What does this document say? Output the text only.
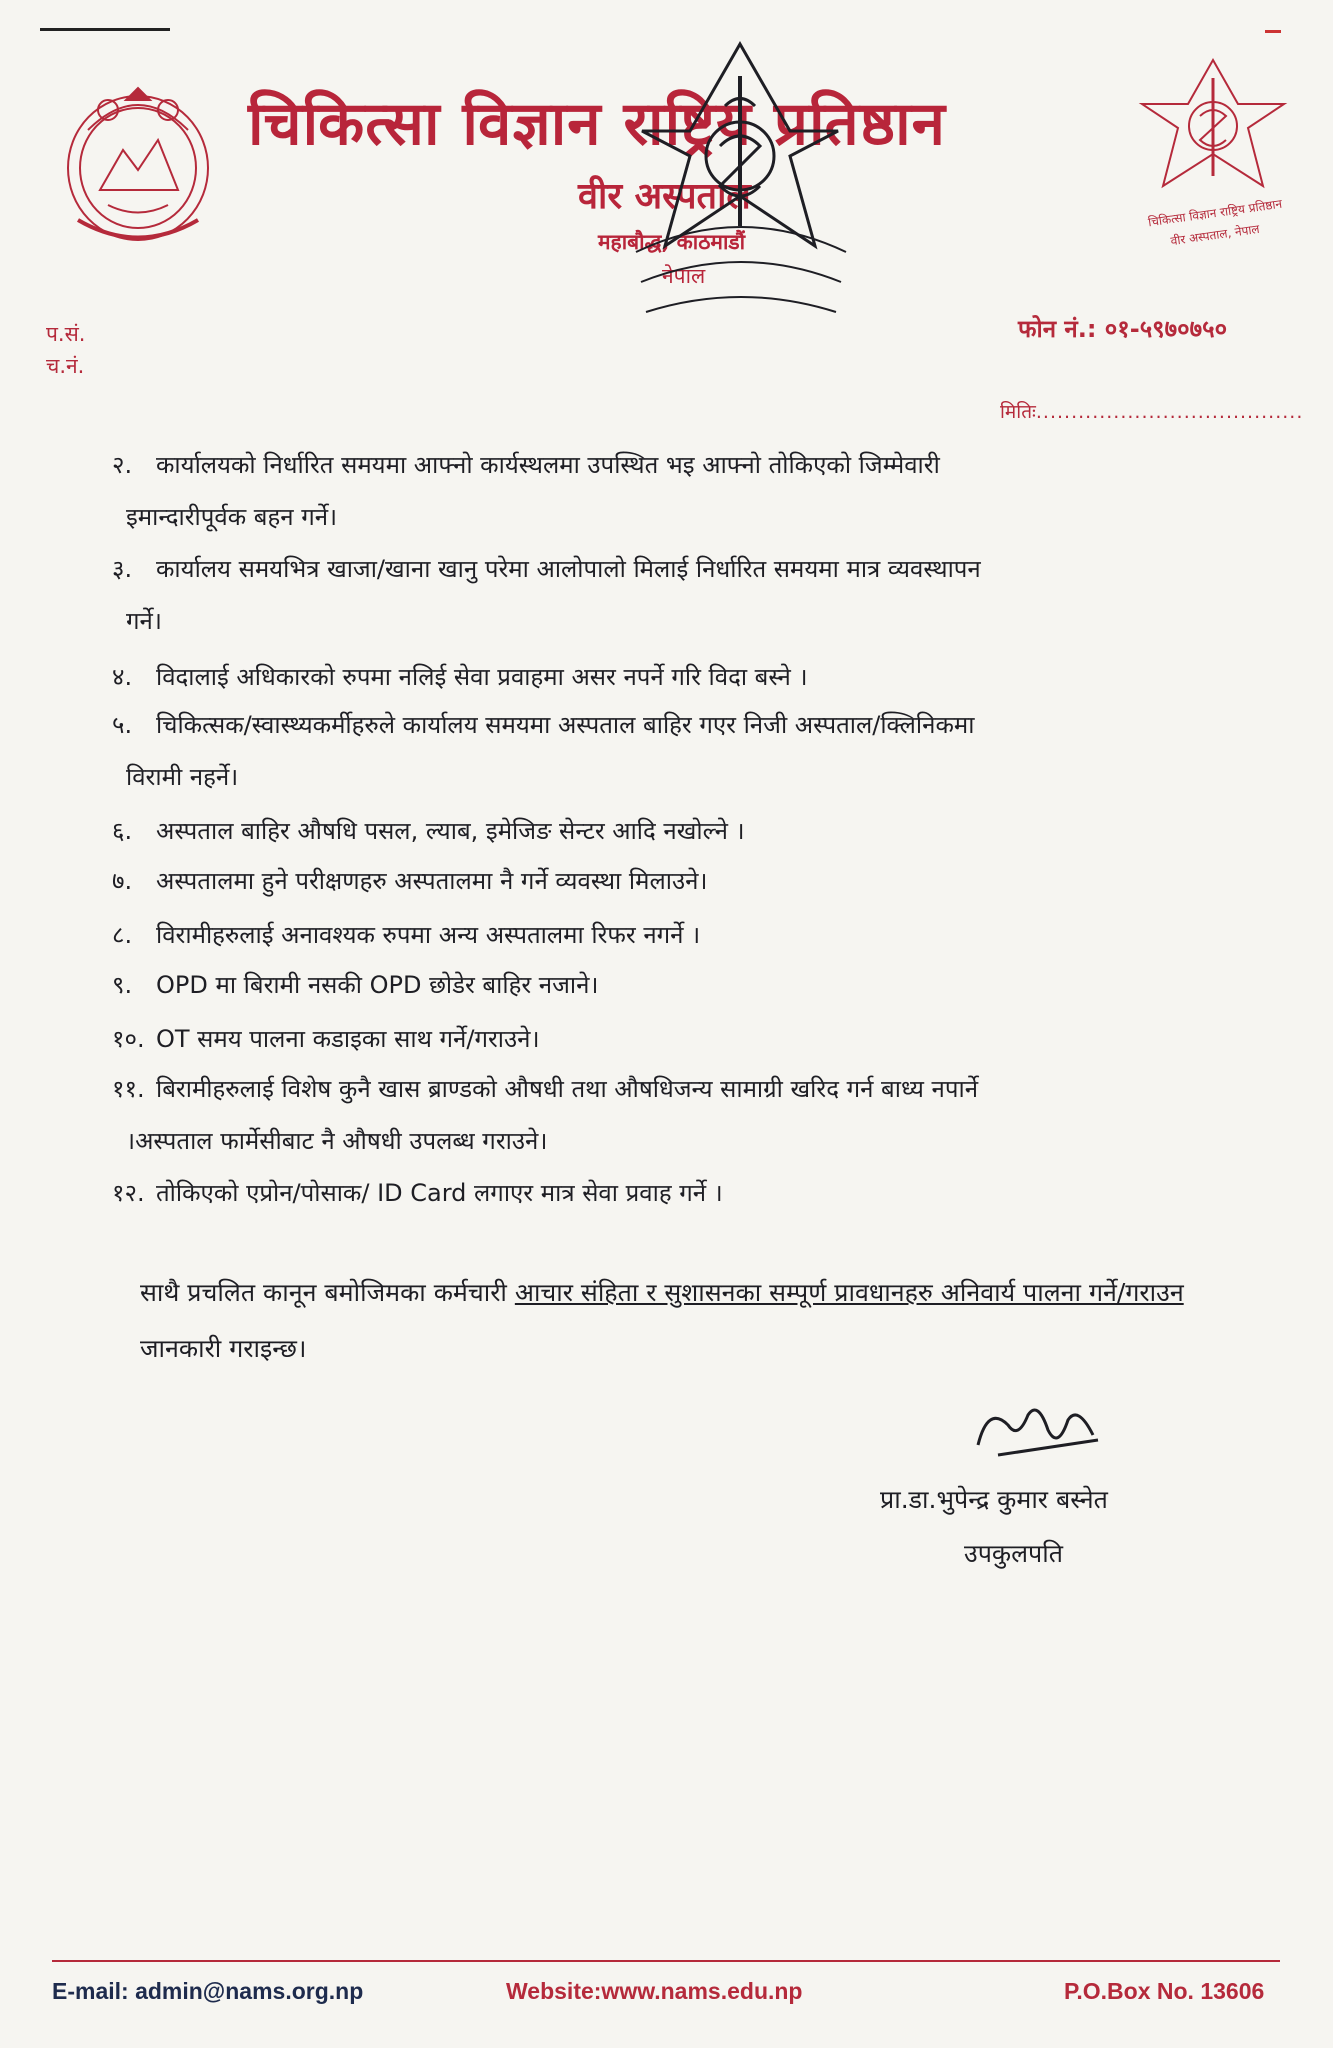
चिकित्सा विज्ञान राष्ट्रिय प्रतिष्ठान
वीर अस्पताल
महाबौद्ध, काठमाडौं
नेपाल
चिकित्सा विज्ञान राष्ट्रिय प्रतिष्ठान
वीर अस्पताल, नेपाल
प.सं.
च.नं.
फोन नं.: ०१-५९७०७५०
मितिः......................................
२. कार्यालयको निर्धारित समयमा आफ्नो कार्यस्थलमा उपस्थित भइ आफ्नो तोकिएको जिम्मेवारी
इमान्दारीपूर्वक बहन गर्ने।
३. कार्यालय समयभित्र खाजा/खाना खानु परेमा आलोपालो मिलाई निर्धारित समयमा मात्र व्यवस्थापन
गर्ने।
४. विदालाई अधिकारको रुपमा नलिई सेवा प्रवाहमा असर नपर्ने गरि विदा बस्ने ।
५. चिकित्सक/स्वास्थ्यकर्मीहरुले कार्यालय समयमा अस्पताल बाहिर गएर निजी अस्पताल/क्लिनिकमा
विरामी नहर्ने।
६. अस्पताल बाहिर औषधि पसल, ल्याब, इमेजिङ सेन्टर आदि नखोल्ने ।
७. अस्पतालमा हुने परीक्षणहरु अस्पतालमा नै गर्ने व्यवस्था मिलाउने।
८. विरामीहरुलाई अनावश्यक रुपमा अन्य अस्पतालमा रिफर नगर्ने ।
९. OPD मा बिरामी नसकी OPD छोडेर बाहिर नजाने।
१०. OT समय पालना कडाइका साथ गर्ने/गराउने।
११. बिरामीहरुलाई विशेष कुनै खास ब्राण्डको औषधी तथा औषधिजन्य सामाग्री खरिद गर्न बाध्य नपार्ने
।अस्पताल फार्मेसीबाट नै औषधी उपलब्ध गराउने।
१२. तोकिएको एप्रोन/पोसाक/ ID Card लगाएर मात्र सेवा प्रवाह गर्ने ।
साथै प्रचलित कानून बमोजिमका कर्मचारी आचार संहिता र सुशासनका सम्पूर्ण प्रावधानहरु अनिवार्य पालना गर्ने/गराउन जानकारी गराइन्छ।
प्रा.डा.भुपेन्द्र कुमार बस्नेत
उपकुलपति
E-mail: admin@nams.org.np	Website:www.nams.edu.np	P.O.Box No. 13606
